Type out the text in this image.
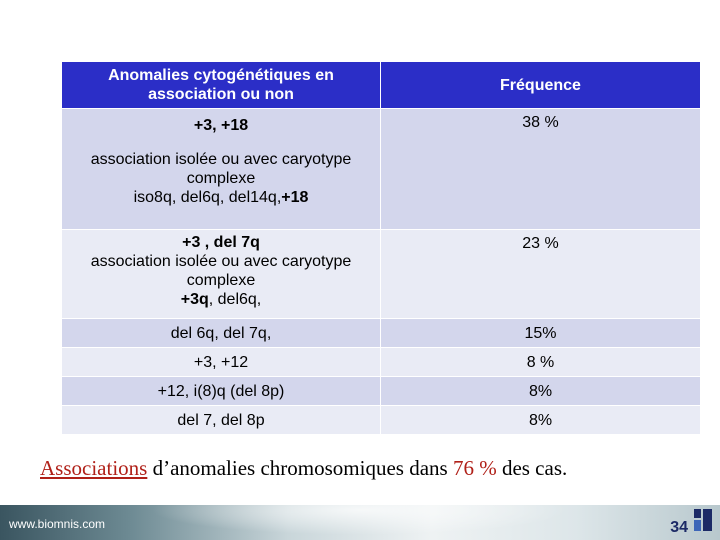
Anomalies cytogénétiques en association ou non	Fréquence

+3, +18
association isolée ou avec caryotype complexe
iso8q, del6q, del14q,+18	38 %

+3 , del 7q
association isolée ou avec caryotype complexe
+3q, del6q,	23 %

del 6q, del 7q,	15%
+3, +12	8 %
+12, i(8)q (del 8p)	8%
del 7, del 8p	8%
Associations d’anomalies chromosomiques dans 76 % des cas.
www.biomnis.com	34
